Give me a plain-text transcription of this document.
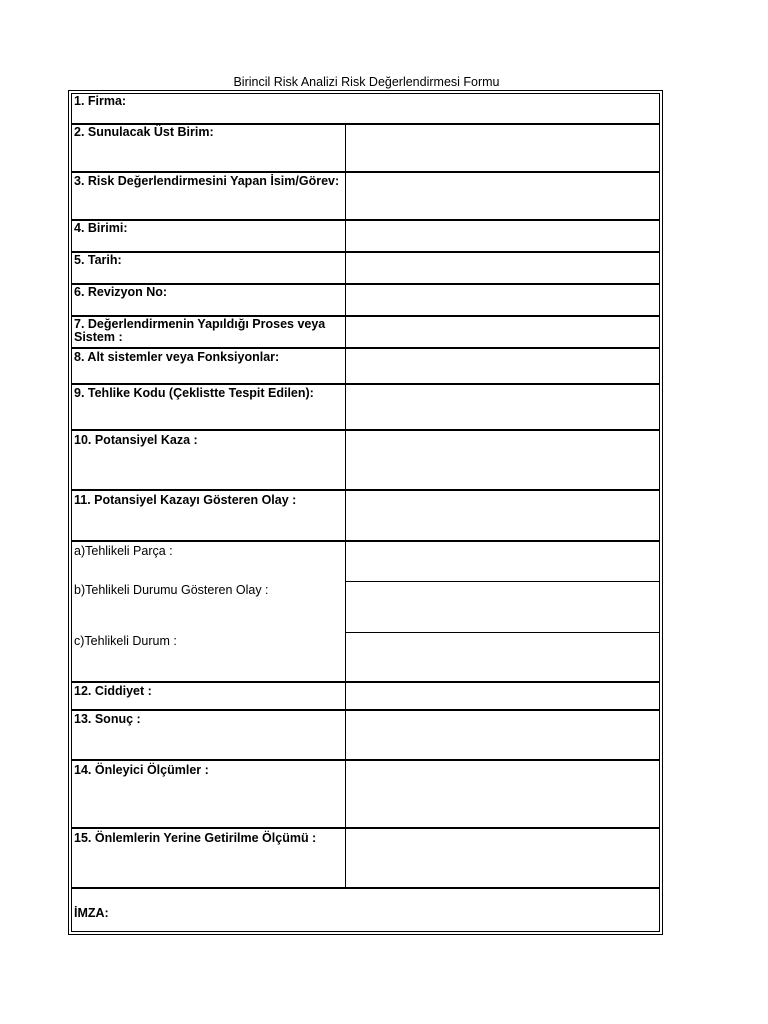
Birincil Risk Analizi Risk Değerlendirmesi Formu
1. Firma:
2. Sunulacak Üst Birim:
3. Risk Değerlendirmesini Yapan İsim/Görev:
4. Birimi:
5. Tarih:
6. Revizyon No:
7. Değerlendirmenin Yapıldığı Proses veya Sistem :
8. Alt sistemler veya Fonksiyonlar:
9. Tehlike Kodu (Çeklistte Tespit Edilen):
10. Potansiyel Kaza :
11. Potansiyel Kazayı Gösteren Olay :
a)Tehlikeli Parça :
b)Tehlikeli Durumu Gösteren Olay :
c)Tehlikeli Durum :
12. Ciddiyet :
13. Sonuç :
14. Önleyici Ölçümler :
15. Önlemlerin Yerine Getirilme Ölçümü :
İMZA:
